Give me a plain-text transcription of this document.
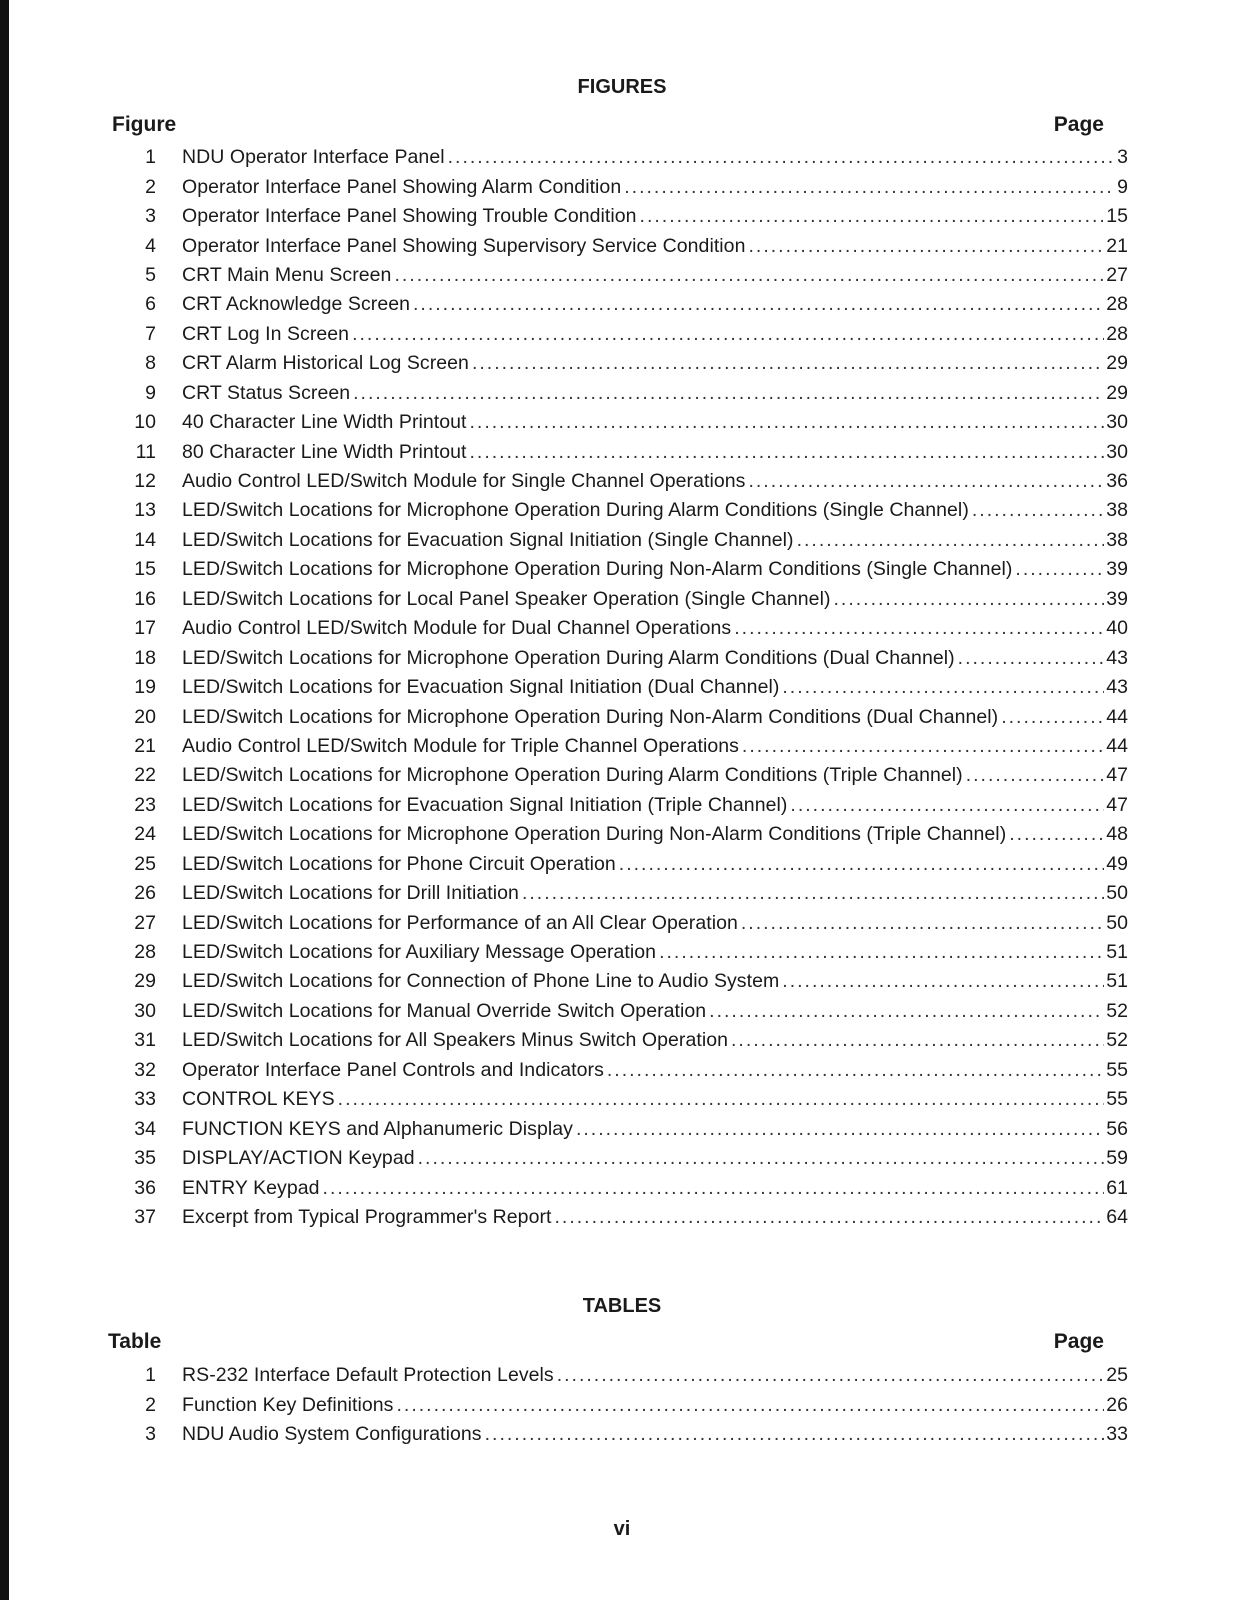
FIGURES
Figure	Page
1 NDU Operator Interface Panel .....	3
2 Operator Interface Panel Showing Alarm Condition .....	9
3 Operator Interface Panel Showing Trouble Condition .....	15
4 Operator Interface Panel Showing Supervisory Service Condition .....	21
5 CRT Main Menu Screen .....	27
6 CRT Acknowledge Screen .....	28
7 CRT Log In Screen .....	28
8 CRT Alarm Historical Log Screen .....	29
9 CRT Status Screen .....	29
10 40 Character Line Width Printout .....	30
11 80 Character Line Width Printout .....	30
12 Audio Control LED/Switch Module for Single Channel Operations .....	36
13 LED/Switch Locations for Microphone Operation During Alarm Conditions (Single Channel) .....	38
14 LED/Switch Locations for Evacuation Signal Initiation (Single Channel) .....	38
15 LED/Switch Locations for Microphone Operation During Non-Alarm Conditions (Single Channel) .....	39
16 LED/Switch Locations for Local Panel Speaker Operation (Single Channel) .....	39
17 Audio Control LED/Switch Module for Dual Channel Operations .....	40
18 LED/Switch Locations for Microphone Operation During Alarm Conditions (Dual Channel) .....	43
19 LED/Switch Locations for Evacuation Signal Initiation (Dual Channel) .....	43
20 LED/Switch Locations for Microphone Operation During Non-Alarm Conditions (Dual Channel) .....	44
21 Audio Control LED/Switch Module for Triple Channel Operations .....	44
22 LED/Switch Locations for Microphone Operation During Alarm Conditions (Triple Channel) .....	47
23 LED/Switch Locations for Evacuation Signal Initiation (Triple Channel) .....	47
24 LED/Switch Locations for Microphone Operation During Non-Alarm Conditions (Triple Channel) .....	48
25 LED/Switch Locations for Phone Circuit Operation .....	49
26 LED/Switch Locations for Drill Initiation .....	50
27 LED/Switch Locations for Performance of an All Clear Operation .....	50
28 LED/Switch Locations for Auxiliary Message Operation .....	51
29 LED/Switch Locations for Connection of Phone Line to Audio System .....	51
30 LED/Switch Locations for Manual Override Switch Operation .....	52
31 LED/Switch Locations for All Speakers Minus Switch Operation .....	52
32 Operator Interface Panel Controls and Indicators .....	55
33 CONTROL KEYS .....	55
34 FUNCTION KEYS and Alphanumeric Display .....	56
35 DISPLAY/ACTION Keypad .....	59
36 ENTRY Keypad .....	61
37 Excerpt from Typical Programmer's Report .....	64
TABLES
Table	Page
1 RS-232 Interface Default Protection Levels .....	25
2 Function Key Definitions .....	26
3 NDU Audio System Configurations .....	33
vi
